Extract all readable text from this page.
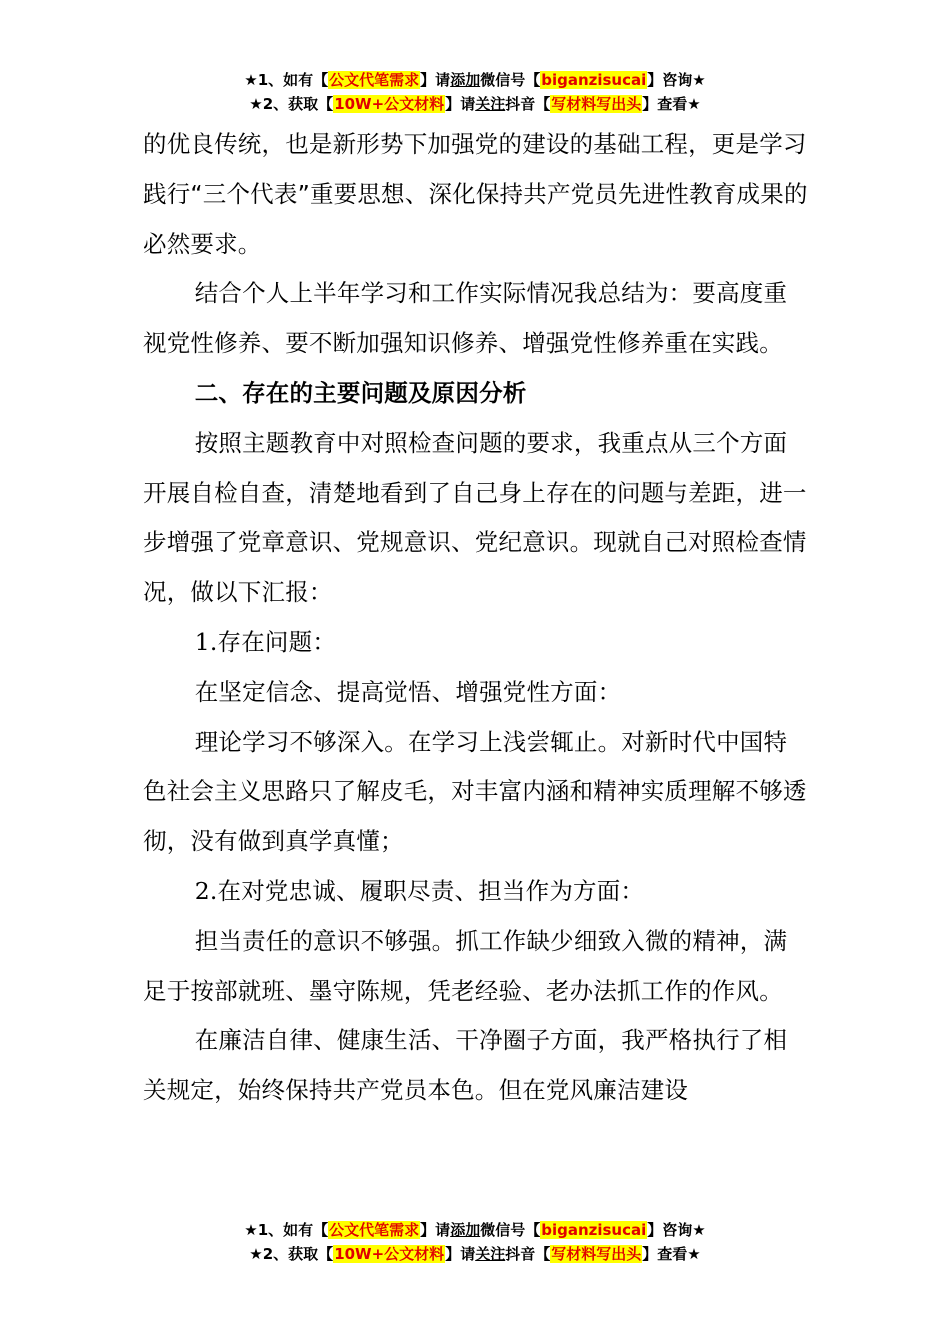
★1、如有【公文代笔需求】请添加微信号【biganzisucai】咨询★
★2、获取【10W+公文材料】请关注抖音【写材料写出头】查看★

的优良传统，也是新形势下加强党的建设的基础工程，更是学习践行“三个代表”重要思想、深化保持共产党员先进性教育成果的必然要求。

结合个人上半年学习和工作实际情况我总结为：要高度重视党性修养、要不断加强知识修养、增强党性修养重在实践。

二、存在的主要问题及原因分析

按照主题教育中对照检查问题的要求，我重点从三个方面开展自检自查，清楚地看到了自己身上存在的问题与差距，进一步增强了党章意识、党规意识、党纪意识。现就自己对照检查情况，做以下汇报：

1.存在问题：

在坚定信念、提高觉悟、增强党性方面：

理论学习不够深入。在学习上浅尝辄止。对新时代中国特色社会主义思路只了解皮毛，对丰富内涵和精神实质理解不够透彻，没有做到真学真懂；

2.在对党忠诚、履职尽责、担当作为方面：

担当责任的意识不够强。抓工作缺少细致入微的精神，满足于按部就班、墨守陈规，凭老经验、老办法抓工作的作风。

在廉洁自律、健康生活、干净圈子方面，我严格执行了相关规定，始终保持共产党员本色。但在党风廉洁建设

★1、如有【公文代笔需求】请添加微信号【biganzisucai】咨询★
★2、获取【10W+公文材料】请关注抖音【写材料写出头】查看★
